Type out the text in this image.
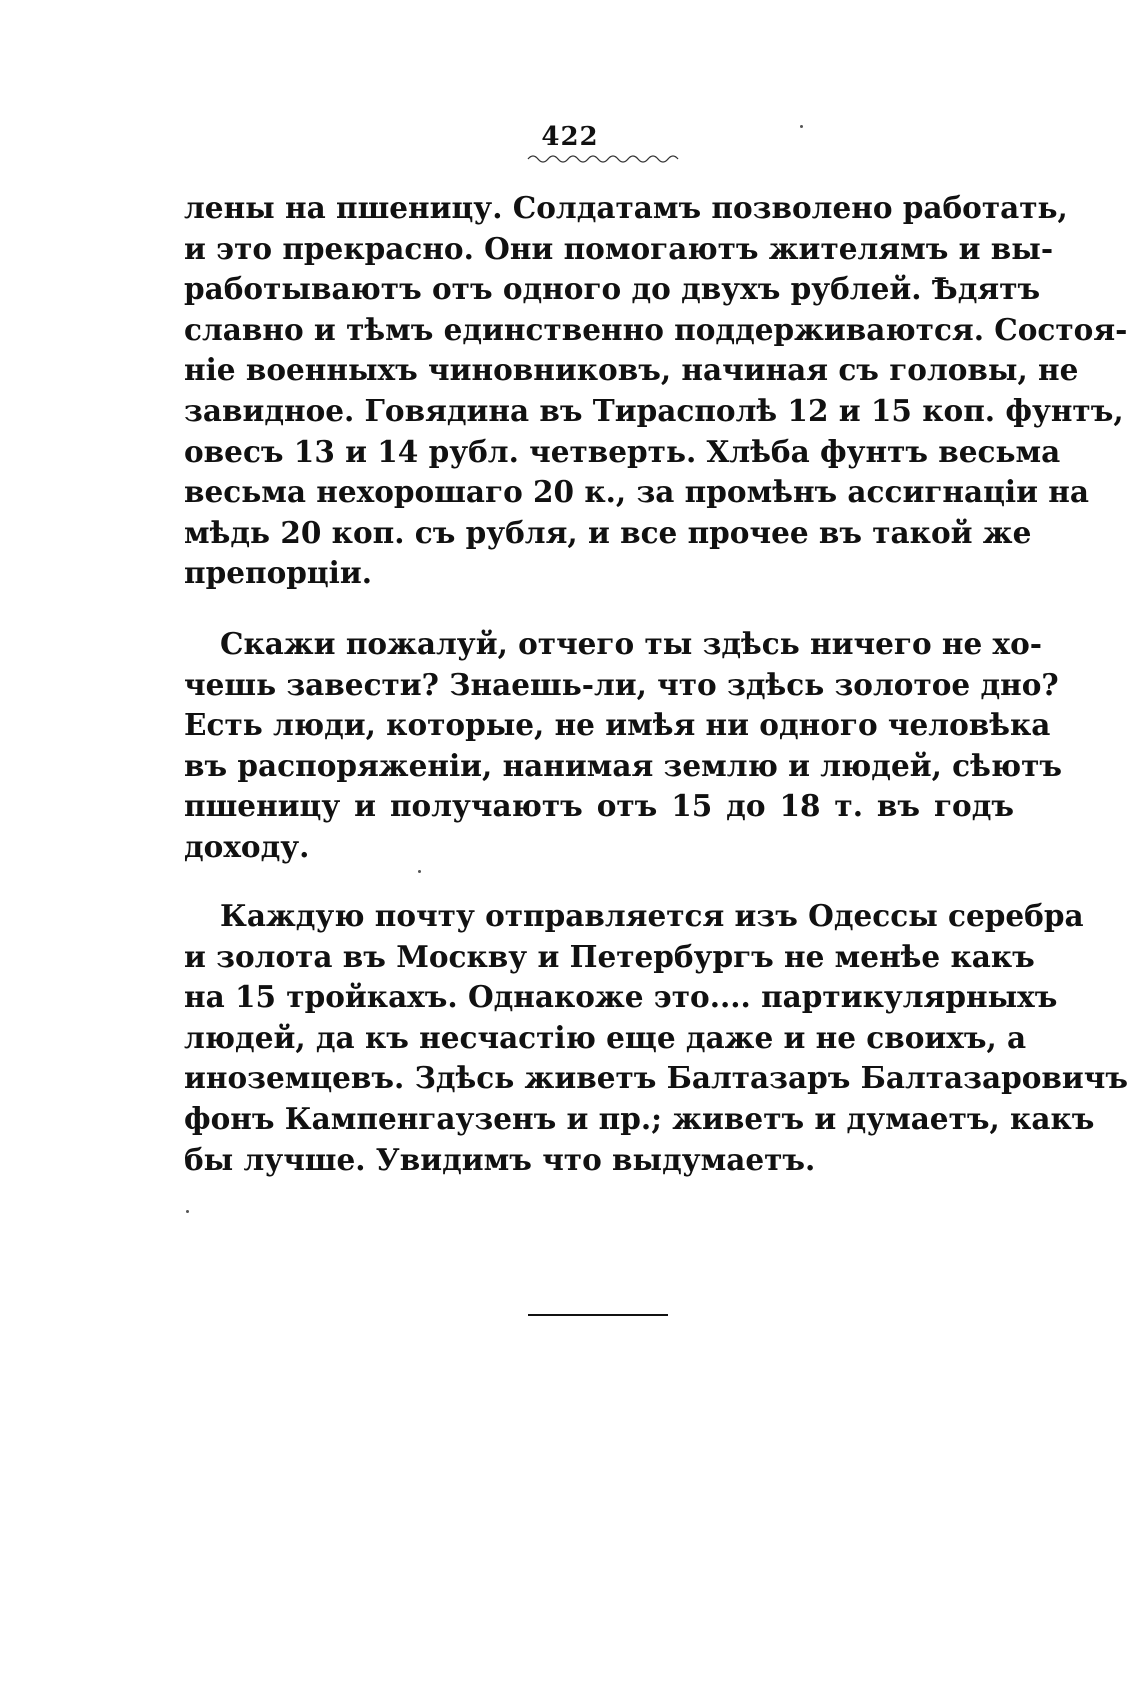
422
лены на пшеницу. Солдатамъ позволено работать,
и это прекрасно. Они помогаютъ жителямъ и вы-
работываютъ отъ одного до двухъ рублей. Ѣдятъ
славно и тѣмъ единственно поддерживаются. Состоя-
ніе военныхъ чиновниковъ, начиная съ головы, не
завидное. Говядина въ Тираспол‍ѣ 12 и 15 коп. фунтъ,
овесъ 13 и 14 рубл. четверть. Хлѣба фунтъ весьма
весьма нехорошаго 20 к., за промѣнъ ассигнаціи на
мѣдь 20 коп. съ рубля, и все прочее въ такой же
препорціи.
Скажи пожалуй, отчего ты здѣсь ничего не хо-
чешь завести? Знаешь-ли, что здѣсь золотое дно?
Есть люди, которые, не имѣя ни одного человѣка
въ распоряженіи, нанимая землю и людей, сѣютъ
пшеницу и получаютъ отъ 15 до 18 т. въ годъ
доходу.
Каждую почту отправляется изъ Одессы серебра
и золота въ Москву и Петербургъ не менѣе какъ
на 15 тройкахъ. Однакоже это.... партикулярныхъ
людей, да къ несчастію еще даже и не своихъ, а
иноземцевъ. Здѣсь живетъ Балтазаръ Балтазаровичъ
фонъ Кампенгаузенъ и пр.; живетъ и думаетъ, какъ
бы лучше. Увидимъ что выдумаетъ.
